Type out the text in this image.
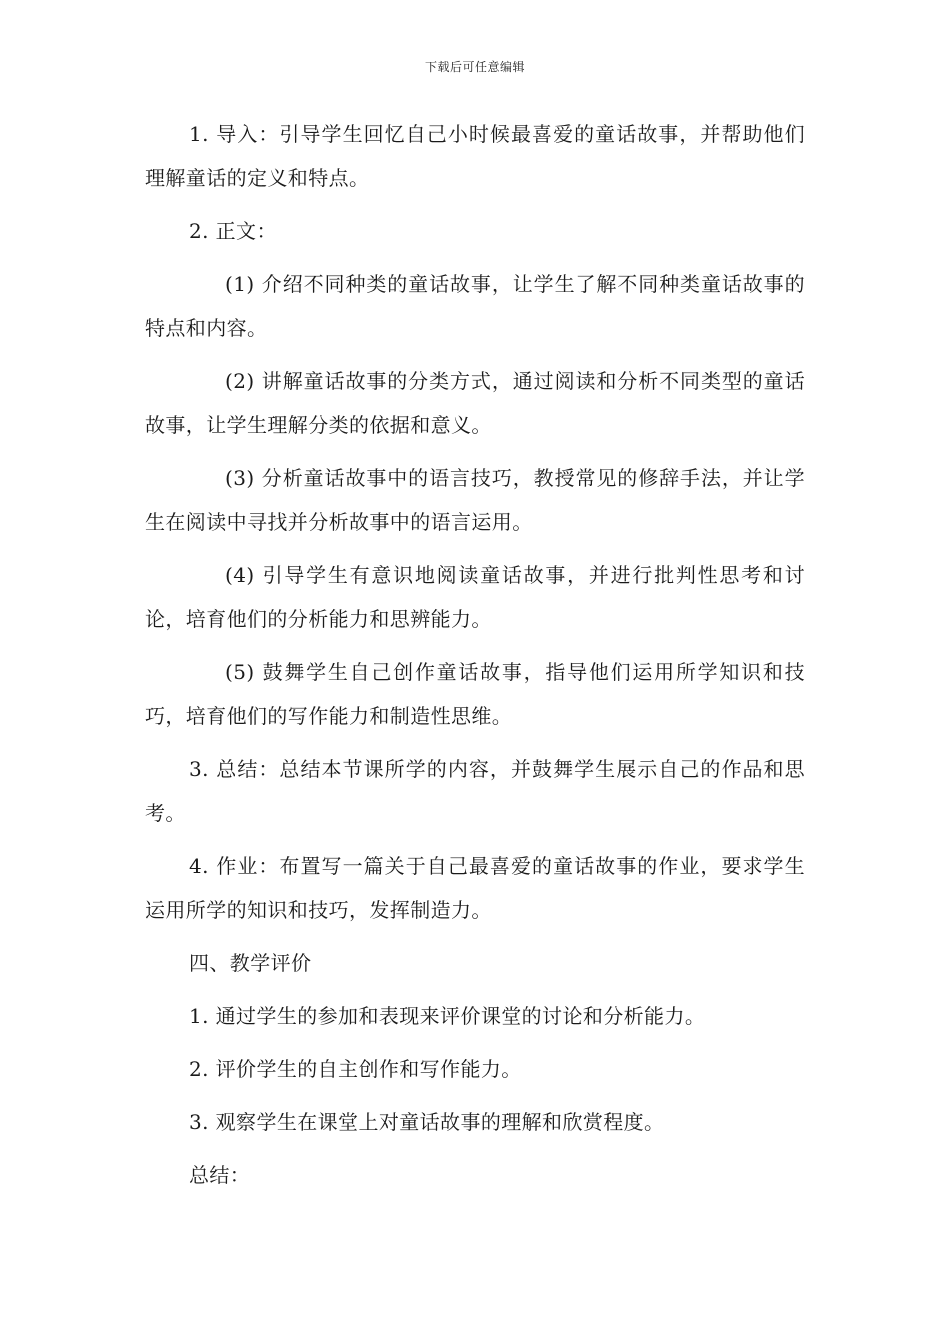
下载后可任意编辑

1. 导入：引导学生回忆自己小时候最喜爱的童话故事，并帮助他们理解童话的定义和特点。

2. 正文：

(1) 介绍不同种类的童话故事，让学生了解不同种类童话故事的特点和内容。

(2) 讲解童话故事的分类方式，通过阅读和分析不同类型的童话故事，让学生理解分类的依据和意义。

(3) 分析童话故事中的语言技巧，教授常见的修辞手法，并让学生在阅读中寻找并分析故事中的语言运用。

(4) 引导学生有意识地阅读童话故事，并进行批判性思考和讨论，培育他们的分析能力和思辨能力。

(5) 鼓舞学生自己创作童话故事，指导他们运用所学知识和技巧，培育他们的写作能力和制造性思维。

3. 总结：总结本节课所学的内容，并鼓舞学生展示自己的作品和思考。

4. 作业：布置写一篇关于自己最喜爱的童话故事的作业，要求学生运用所学的知识和技巧，发挥制造力。

四、教学评价

1. 通过学生的参加和表现来评价课堂的讨论和分析能力。

2. 评价学生的自主创作和写作能力。

3. 观察学生在课堂上对童话故事的理解和欣赏程度。

总结：
